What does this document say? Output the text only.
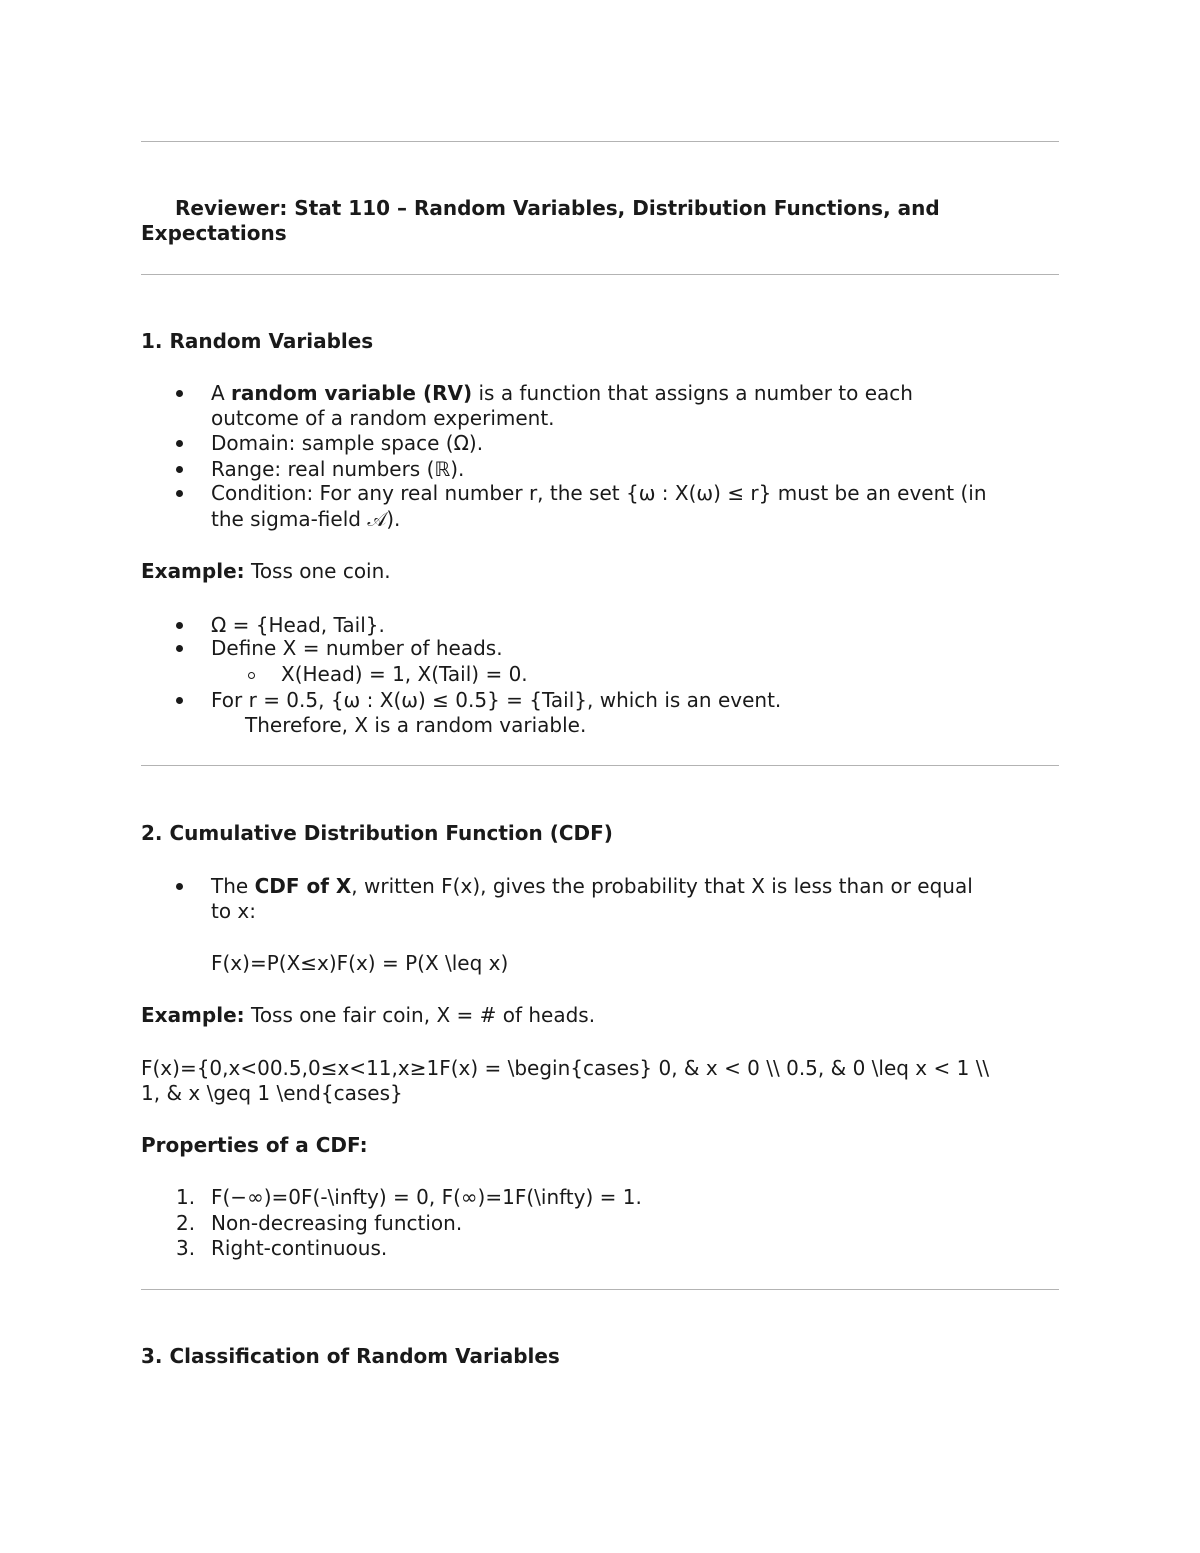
Reviewer: Stat 110 – Random Variables, Distribution Functions, and
Expectations
1. Random Variables
A random variable (RV) is a function that assigns a number to each
outcome of a random experiment.
Domain: sample space (Ω).
Range: real numbers (ℝ).
Condition: For any real number r, the set {ω : X(ω) ≤ r} must be an event (in
the sigma-field 𝒜).
Example: Toss one coin.
Ω = {Head, Tail}.
Define X = number of heads.
X(Head) = 1, X(Tail) = 0.
For r = 0.5, {ω : X(ω) ≤ 0.5} = {Tail}, which is an event.
Therefore, X is a random variable.
2. Cumulative Distribution Function (CDF)
The CDF of X, written F(x), gives the probability that X is less than or equal
to x:
F(x)=P(X≤x)F(x) = P(X \leq x)
Example: Toss one fair coin, X = # of heads.
F(x)={0,x<00.5,0≤x<11,x≥1F(x) = \begin{cases} 0, & x < 0 \\ 0.5, & 0 \leq x < 1 \\
1, & x \geq 1 \end{cases}
Properties of a CDF:
1. F(−∞)=0F(-\infty) = 0, F(∞)=1F(\infty) = 1.
2. Non-decreasing function.
3. Right-continuous.
3. Classification of Random Variables
